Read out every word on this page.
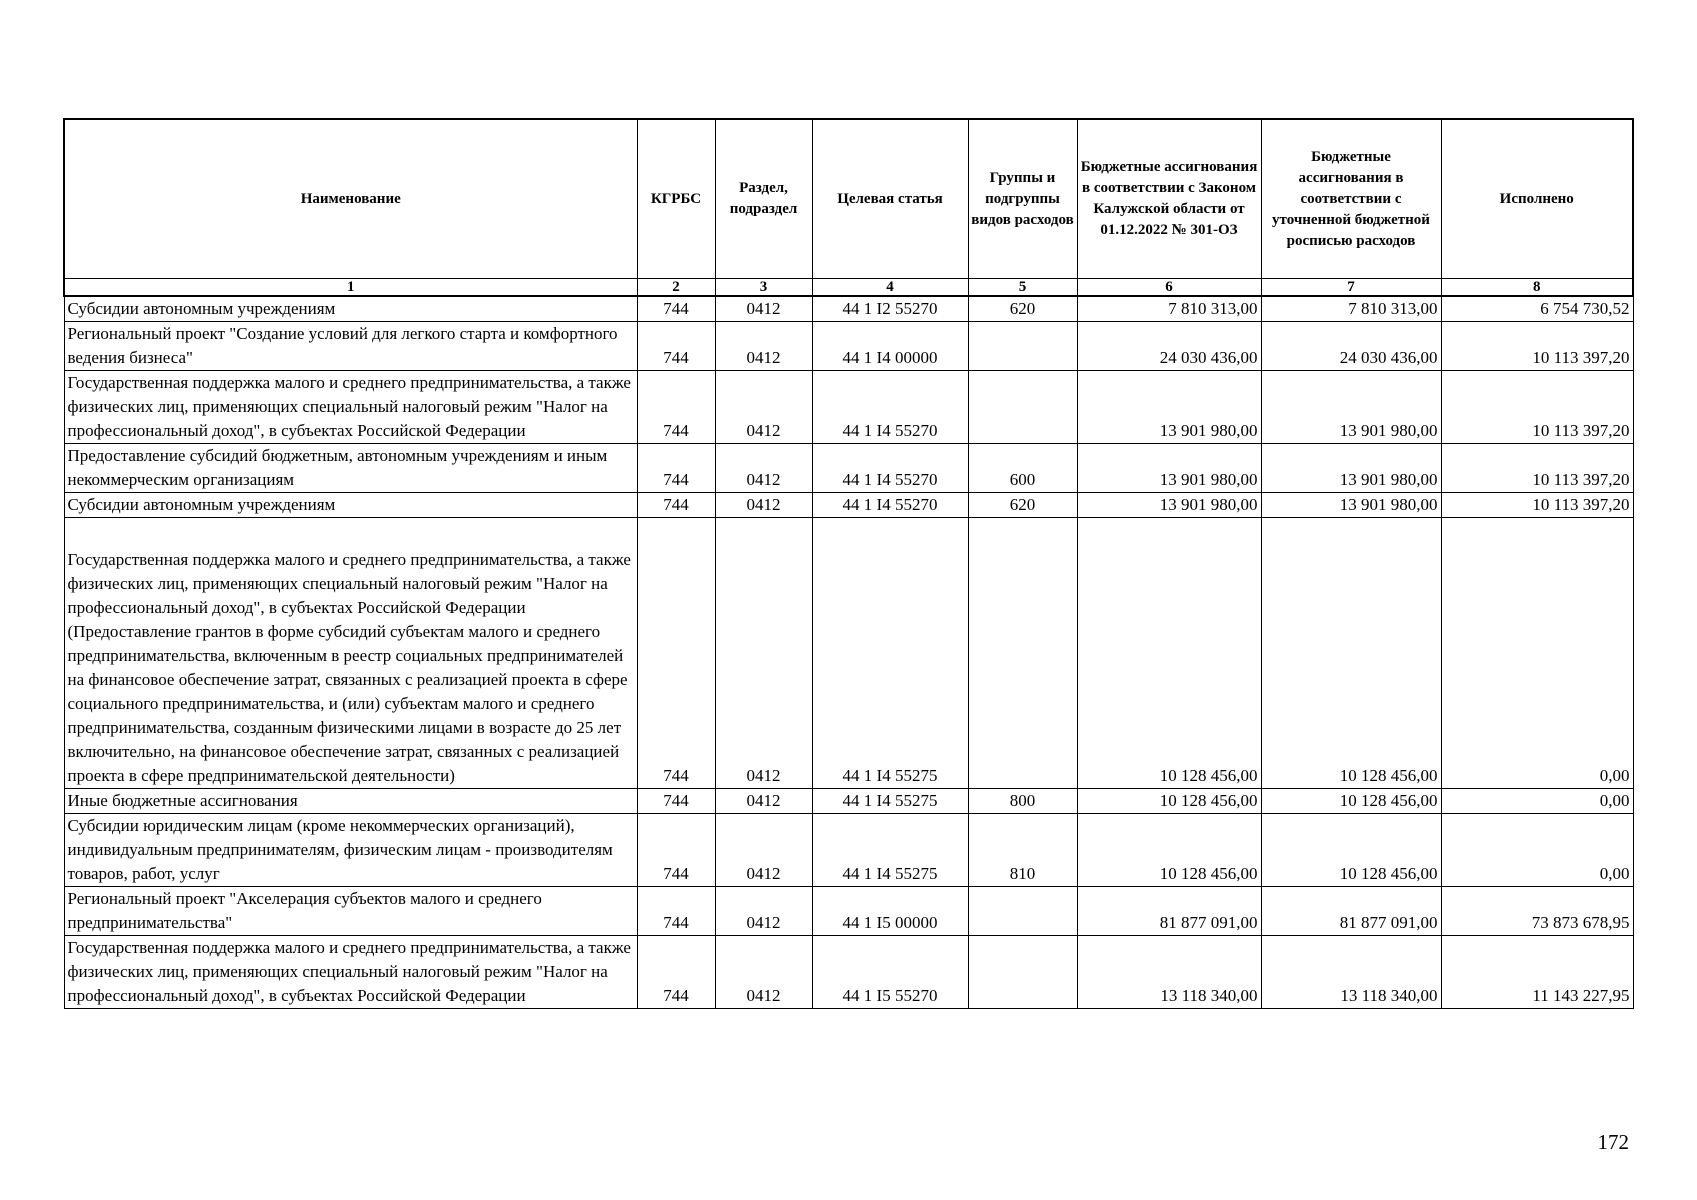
Наименование	КГРБС	Раздел, подраздел	Целевая статья	Группы и подгруппы видов расходов	Бюджетные ассигнования в соответствии с Законом Калужской области от 01.12.2022 № 301-ОЗ	Бюджетные ассигнования в соответствии с уточненной бюджетной росписью расходов	Исполнено
1	2	3	4	5	6	7	8
Субсидии автономным учреждениям	744	0412	44 1 I2 55270	620	7 810 313,00	7 810 313,00	6 754 730,52
Региональный проект "Создание условий для легкого старта и комфортного ведения бизнеса"	744	0412	44 1 I4 00000		24 030 436,00	24 030 436,00	10 113 397,20
Государственная поддержка малого и среднего предпринимательства, а также физических лиц, применяющих специальный налоговый режим "Налог на профессиональный доход", в субъектах Российской Федерации	744	0412	44 1 I4 55270		13 901 980,00	13 901 980,00	10 113 397,20
Предоставление субсидий бюджетным, автономным учреждениям и иным некоммерческим организациям	744	0412	44 1 I4 55270	600	13 901 980,00	13 901 980,00	10 113 397,20
Субсидии автономным учреждениям	744	0412	44 1 I4 55270	620	13 901 980,00	13 901 980,00	10 113 397,20
Государственная поддержка малого и среднего предпринимательства, а также физических лиц, применяющих специальный налоговый режим "Налог на профессиональный доход", в субъектах Российской Федерации (Предоставление грантов в форме субсидий субъектам малого и среднего предпринимательства, включенным в реестр социальных предпринимателей на финансовое обеспечение затрат, связанных с реализацией проекта в сфере социального предпринимательства, и (или) субъектам малого и среднего предпринимательства, созданным физическими лицами в возрасте до 25 лет включительно, на финансовое обеспечение затрат, связанных с реализацией проекта в сфере предпринимательской деятельности)	744	0412	44 1 I4 55275		10 128 456,00	10 128 456,00	0,00
Иные бюджетные ассигнования	744	0412	44 1 I4 55275	800	10 128 456,00	10 128 456,00	0,00
Субсидии юридическим лицам (кроме некоммерческих организаций), индивидуальным предпринимателям, физическим лицам - производителям товаров, работ, услуг	744	0412	44 1 I4 55275	810	10 128 456,00	10 128 456,00	0,00
Региональный проект "Акселерация субъектов малого и среднего предпринимательства"	744	0412	44 1 I5 00000		81 877 091,00	81 877 091,00	73 873 678,95
Государственная поддержка малого и среднего предпринимательства, а также физических лиц, применяющих специальный налоговый режим "Налог на профессиональный доход", в субъектах Российской Федерации	744	0412	44 1 I5 55270		13 118 340,00	13 118 340,00	11 143 227,95
172
